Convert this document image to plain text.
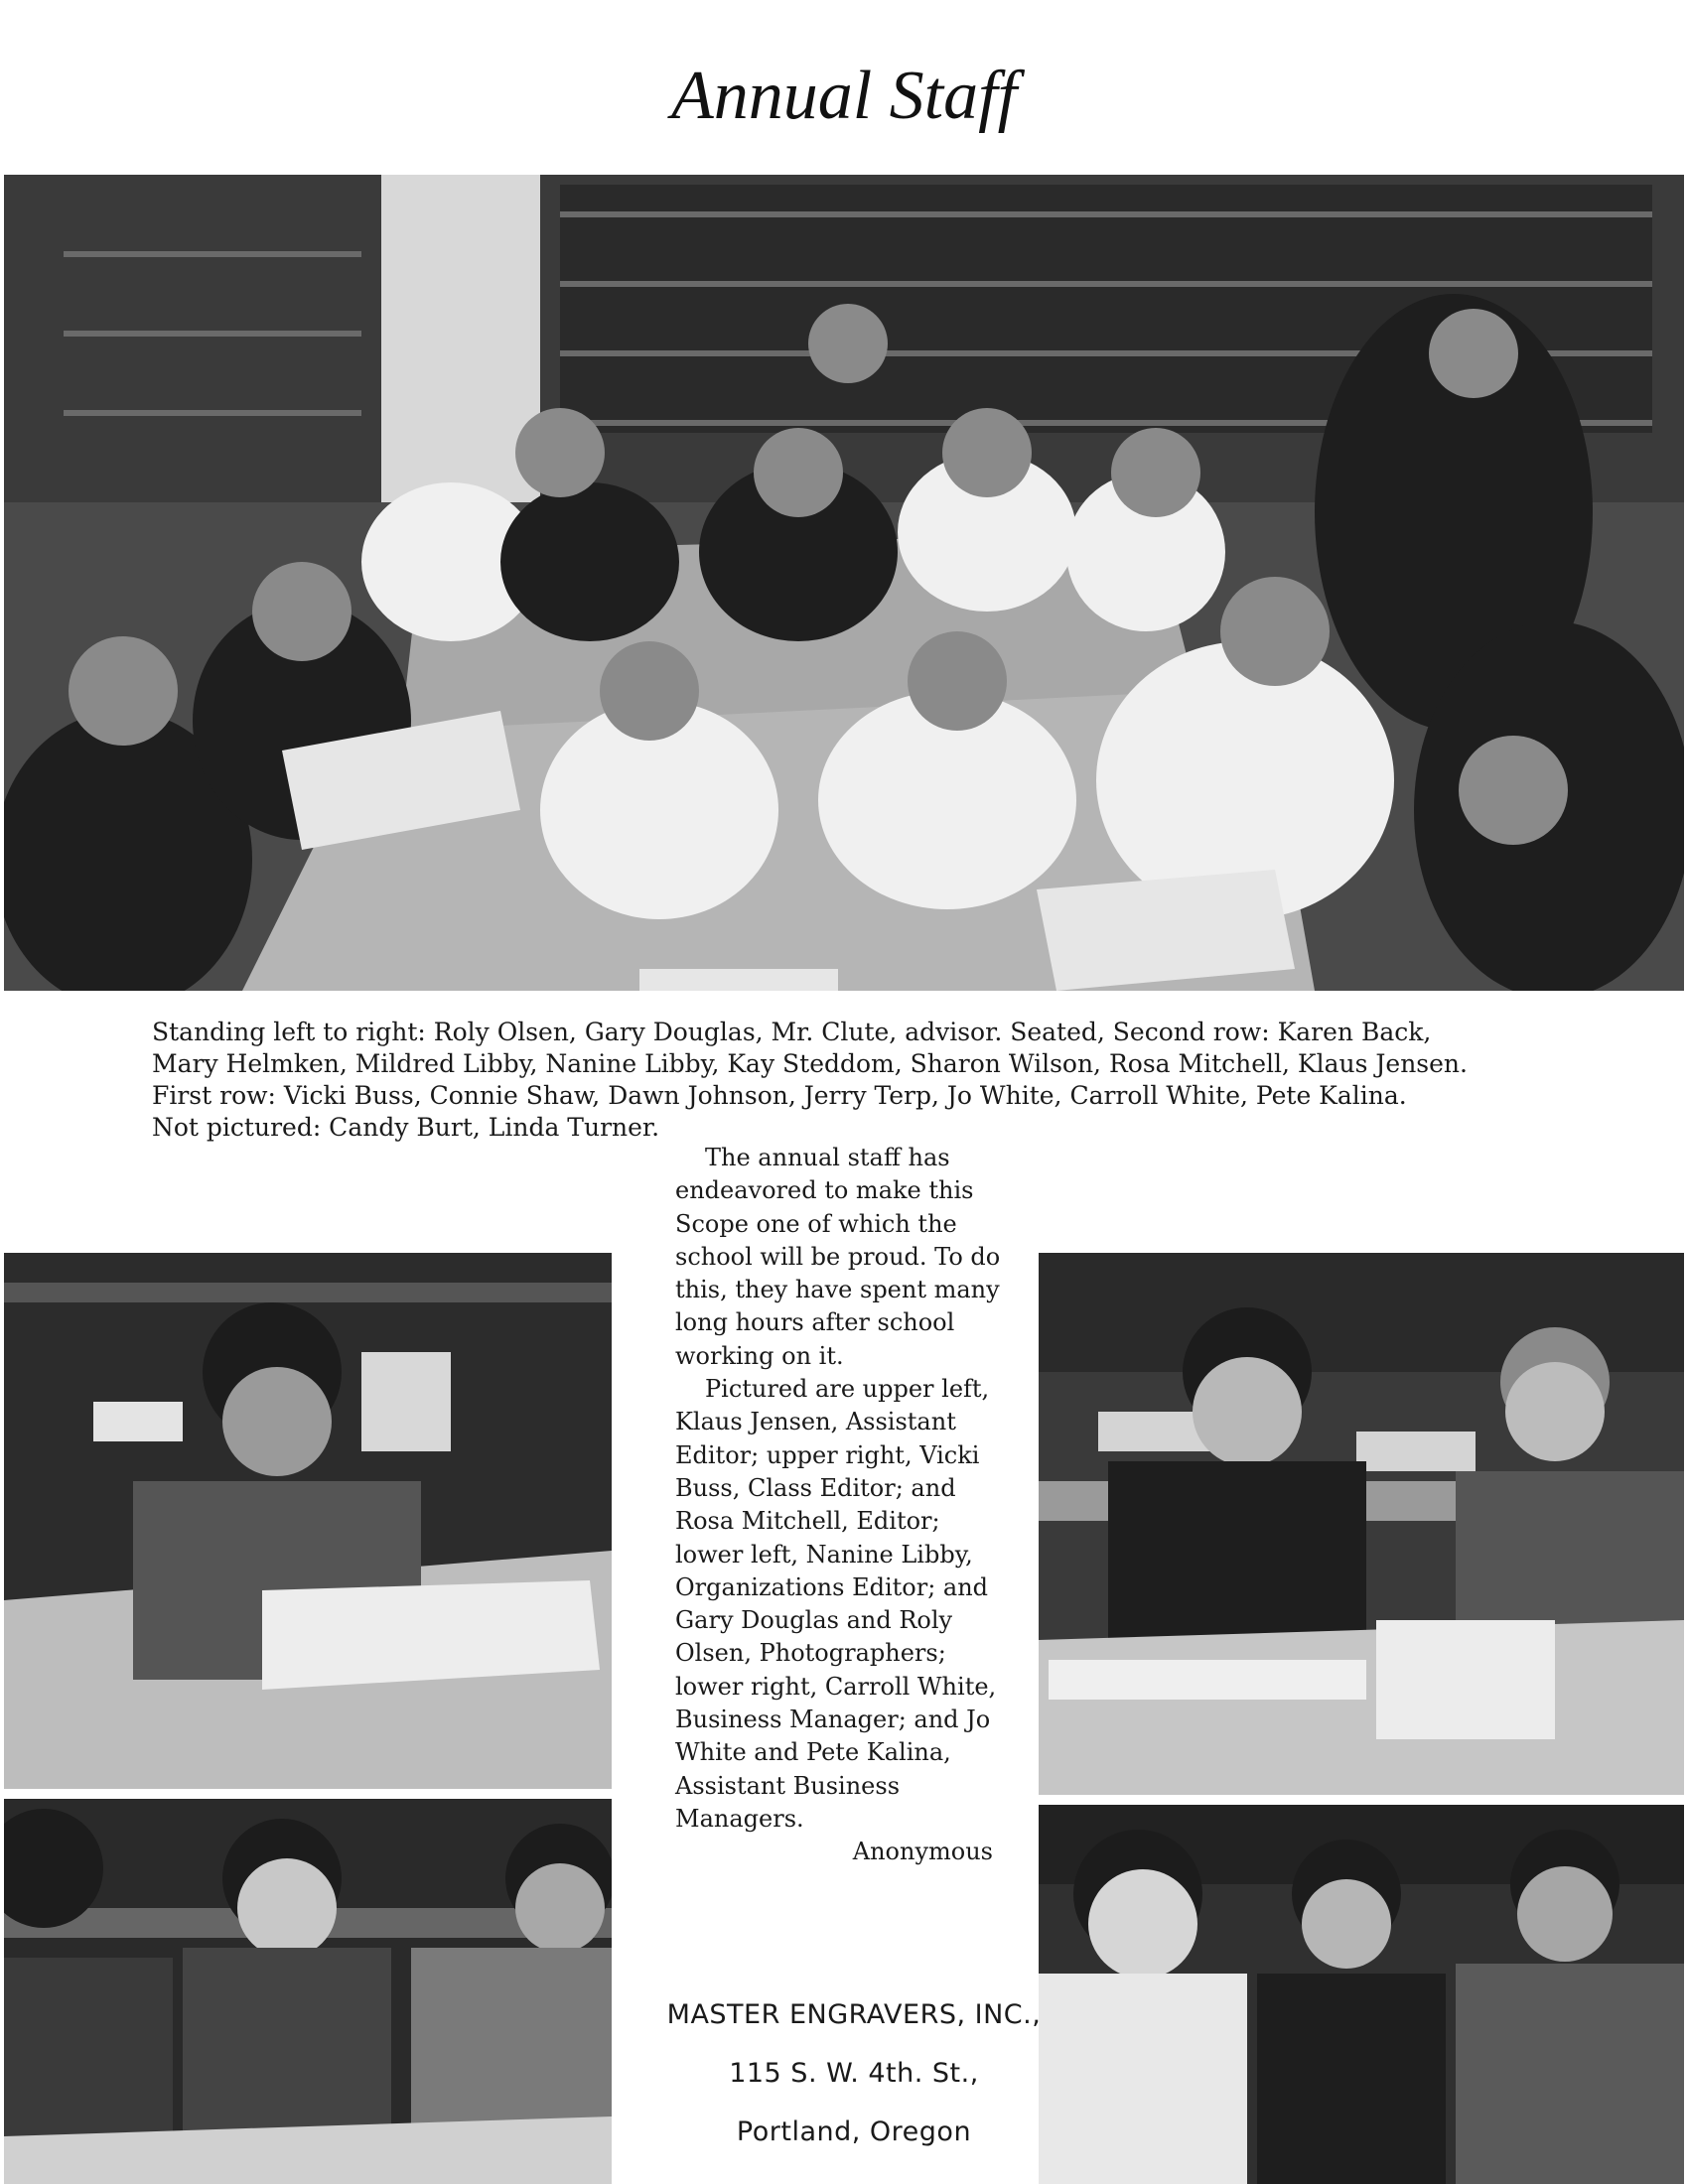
Annual Staff
Standing left to right: Roly Olsen, Gary Douglas, Mr. Clute, advisor. Seated, Second row: Karen Back,
Mary Helmken, Mildred Libby, Nanine Libby, Kay Steddom, Sharon Wilson, Rosa Mitchell, Klaus Jensen.
First row: Vicki Buss, Connie Shaw, Dawn Johnson, Jerry Terp, Jo White, Carroll White, Pete Kalina.
Not pictured: Candy Burt, Linda Turner.

The annual staff has endeavored to make this Scope one of which the school will be proud. To do this, they have spent many long hours after school working on it.

Pictured are upper left, Klaus Jensen, Assistant Editor; upper right, Vicki Buss, Class Editor; and Rosa Mitchell, Editor; lower left, Nanine Libby, Organizations Editor; and Gary Douglas and Roly Olsen, Photographers; lower right, Carroll White, Business Manager; and Jo White and Pete Kalina, Assistant Business Managers.

Anonymous

MASTER ENGRAVERS, INC.,
115 S. W. 4th. St.,
Portland, Oregon
